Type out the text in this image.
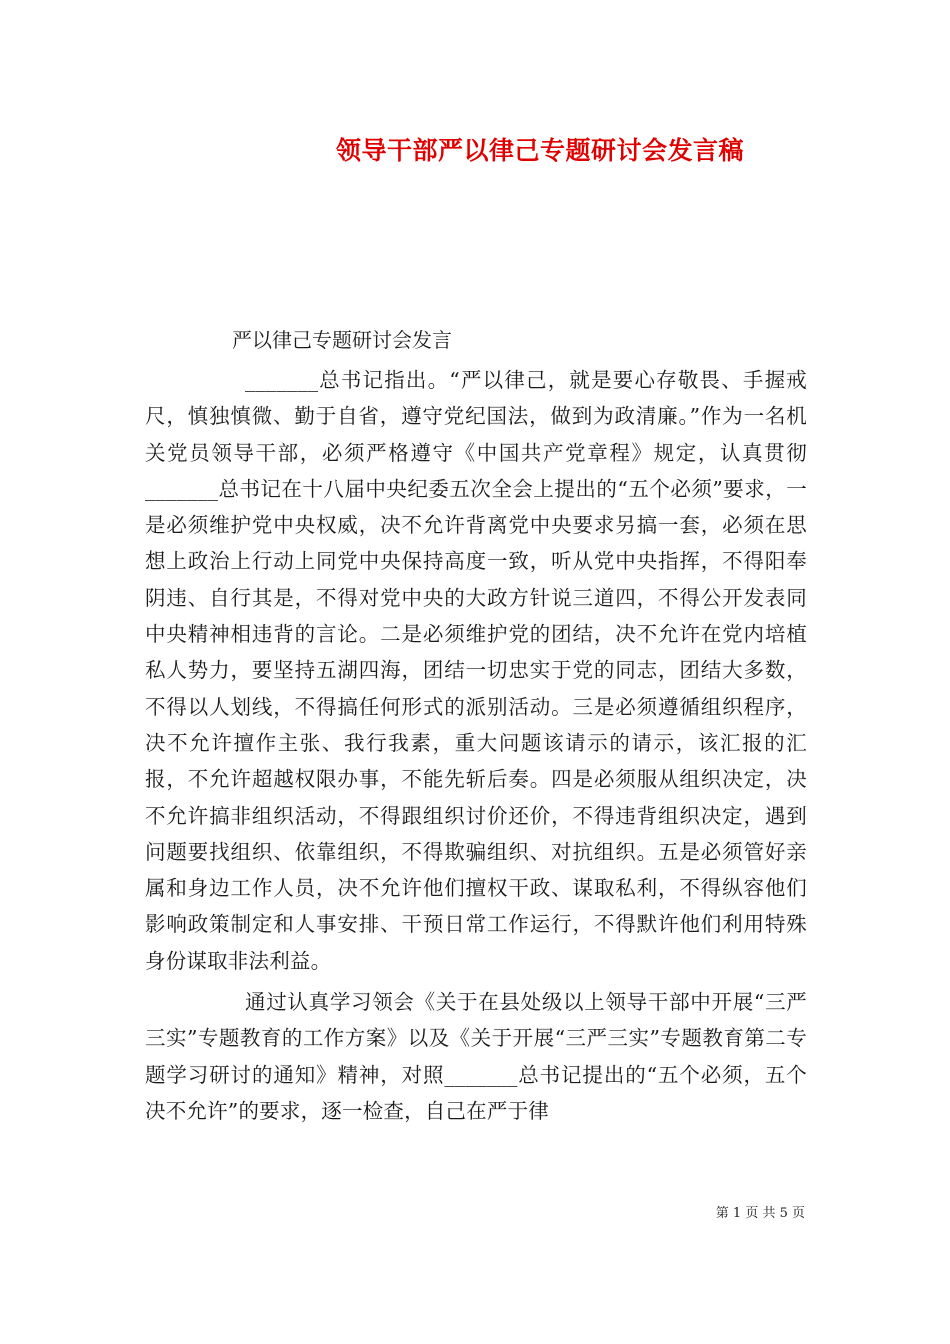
领导干部严以律己专题研讨会发言稿
严以律己专题研讨会发言

_______总书记指出。“严以律己，就是要心存敬畏、手握戒尺，慎独慎微、勤于自省，遵守党纪国法，做到为政清廉。”作为一名机关党员领导干部，必须严格遵守《中国共产党章程》规定，认真贯彻_______总书记在十八届中央纪委五次全会上提出的“五个必须”要求，一是必须维护党中央权威，决不允许背离党中央要求另搞一套，必须在思想上政治上行动上同党中央保持高度一致，听从党中央指挥，不得阳奉阴违、自行其是，不得对党中央的大政方针说三道四，不得公开发表同中央精神相违背的言论。二是必须维护党的团结，决不允许在党内培植私人势力，要坚持五湖四海，团结一切忠实于党的同志，团结大多数，不得以人划线，不得搞任何形式的派别活动。三是必须遵循组织程序，决不允许擅作主张、我行我素，重大问题该请示的请示，该汇报的汇报，不允许超越权限办事，不能先斩后奏。四是必须服从组织决定，决不允许搞非组织活动，不得跟组织讨价还价，不得违背组织决定，遇到问题要找组织、依靠组织，不得欺骗组织、对抗组织。五是必须管好亲属和身边工作人员，决不允许他们擅权干政、谋取私利，不得纵容他们影响政策制定和人事安排、干预日常工作运行，不得默许他们利用特殊身份谋取非法利益。

通过认真学习领会《关于在县处级以上领导干部中开展“三严三实”专题教育的工作方案》以及《关于开展“三严三实”专题教育第二专题学习研讨的通知》精神，对照_______总书记提出的“五个必须，五个决不允许”的要求，逐一检查，自己在严于律

第 1 页 共 5 页
